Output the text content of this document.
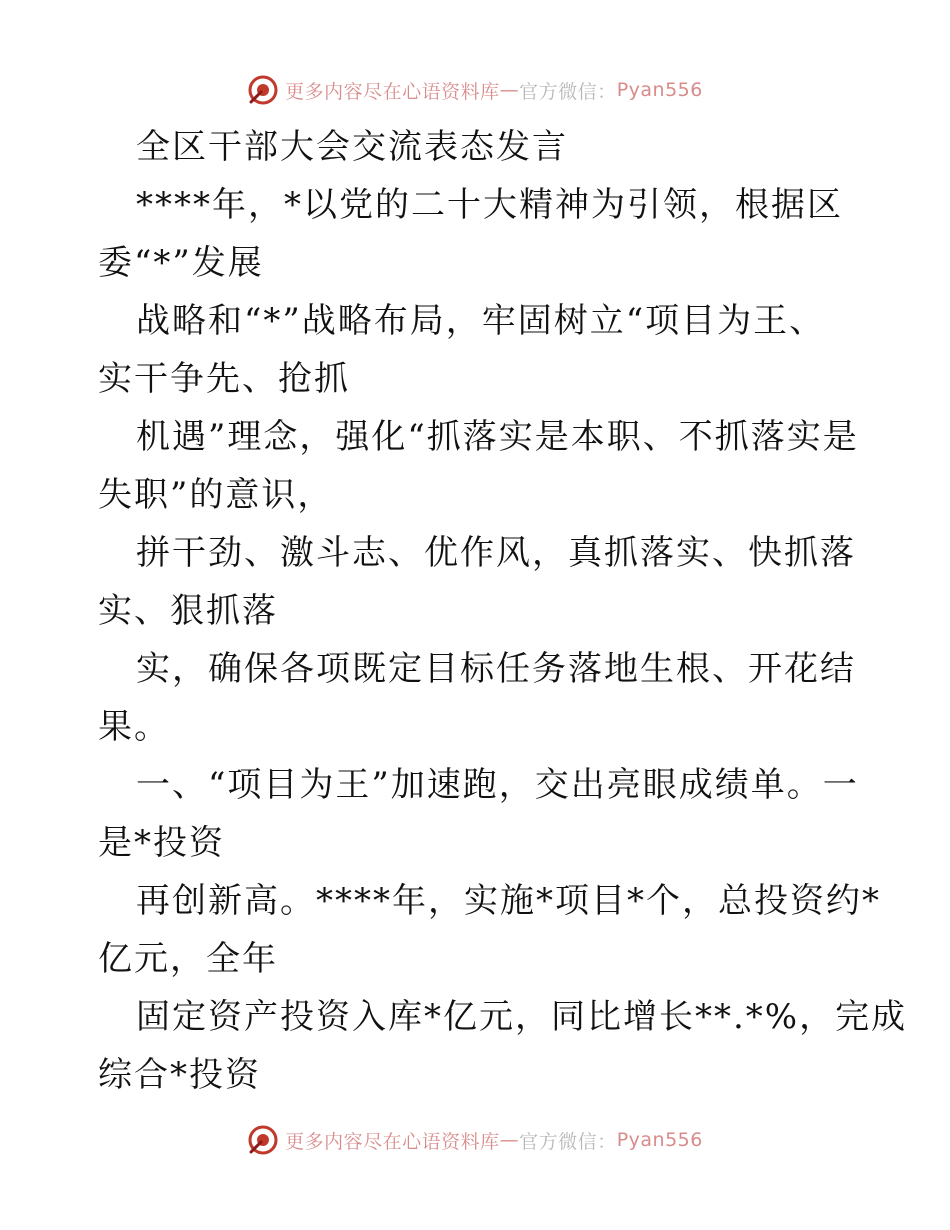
更多内容尽在心语资料库 — 官方微信： Pyan556
全区干部大会交流表态发言
****年，*以党的二十大精神为引领，根据区
委“*”发展
战略和“*”战略布局，牢固树立“项目为王、
实干争先、抢抓
机遇”理念，强化“抓落实是本职、不抓落实是
失职”的意识，
拼干劲、激斗志、优作风，真抓落实、快抓落
实、狠抓落
实，确保各项既定目标任务落地生根、开花结
果。
一、“项目为王”加速跑，交出亮眼成绩单。一
是*投资
再创新高。****年，实施*项目*个，总投资约*
亿元，全年
固定资产投资入库*亿元，同比增长**.*%，完成
综合*投资
更多内容尽在心语资料库 — 官方微信： Pyan556
